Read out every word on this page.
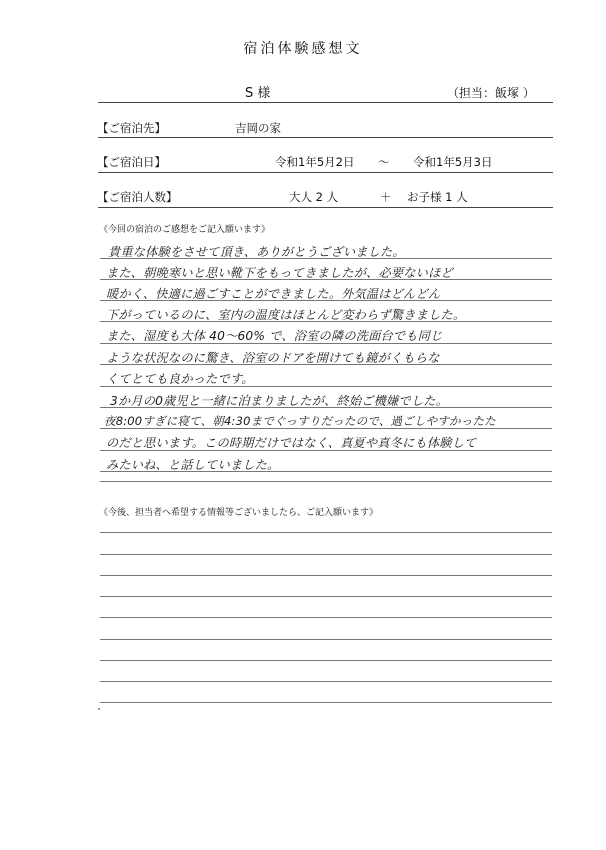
宿泊体験感想文
S 様	（担当：飯塚 ）
【ご宿泊先】	吉岡の家
【ご宿泊日】	令和1年5月2日 ～ 令和1年5月3日
【ご宿泊人数】	大人 2 人	＋ お子様 1 人
《今回の宿泊のご感想をご記入願います》
貴重な体験をさせて頂き、ありがとうございました。
また、朝晩寒いと思い靴下をもってきましたが、必要ないほど
暖かく、快適に過ごすことができました。外気温はどんどん
下がっているのに、室内の温度はほとんど変わらず驚きました。
また、湿度も大体 40～60% で、浴室の隣の洗面台でも同じ
ような状況なのに驚き、浴室のドアを開けても鏡がくもらな
くてとても良かったです。
3か月の0歳児と一緒に泊まりましたが、終始ご機嫌でした。
夜8:00すぎに寝て、朝4:30までぐっすりだったので、過ごしやすかったた
のだと思います。この時期だけではなく、真夏や真冬にも体験して
みたいね、と話していました。
《今後、担当者へ希望する情報等ございましたら、ご記入願います》
